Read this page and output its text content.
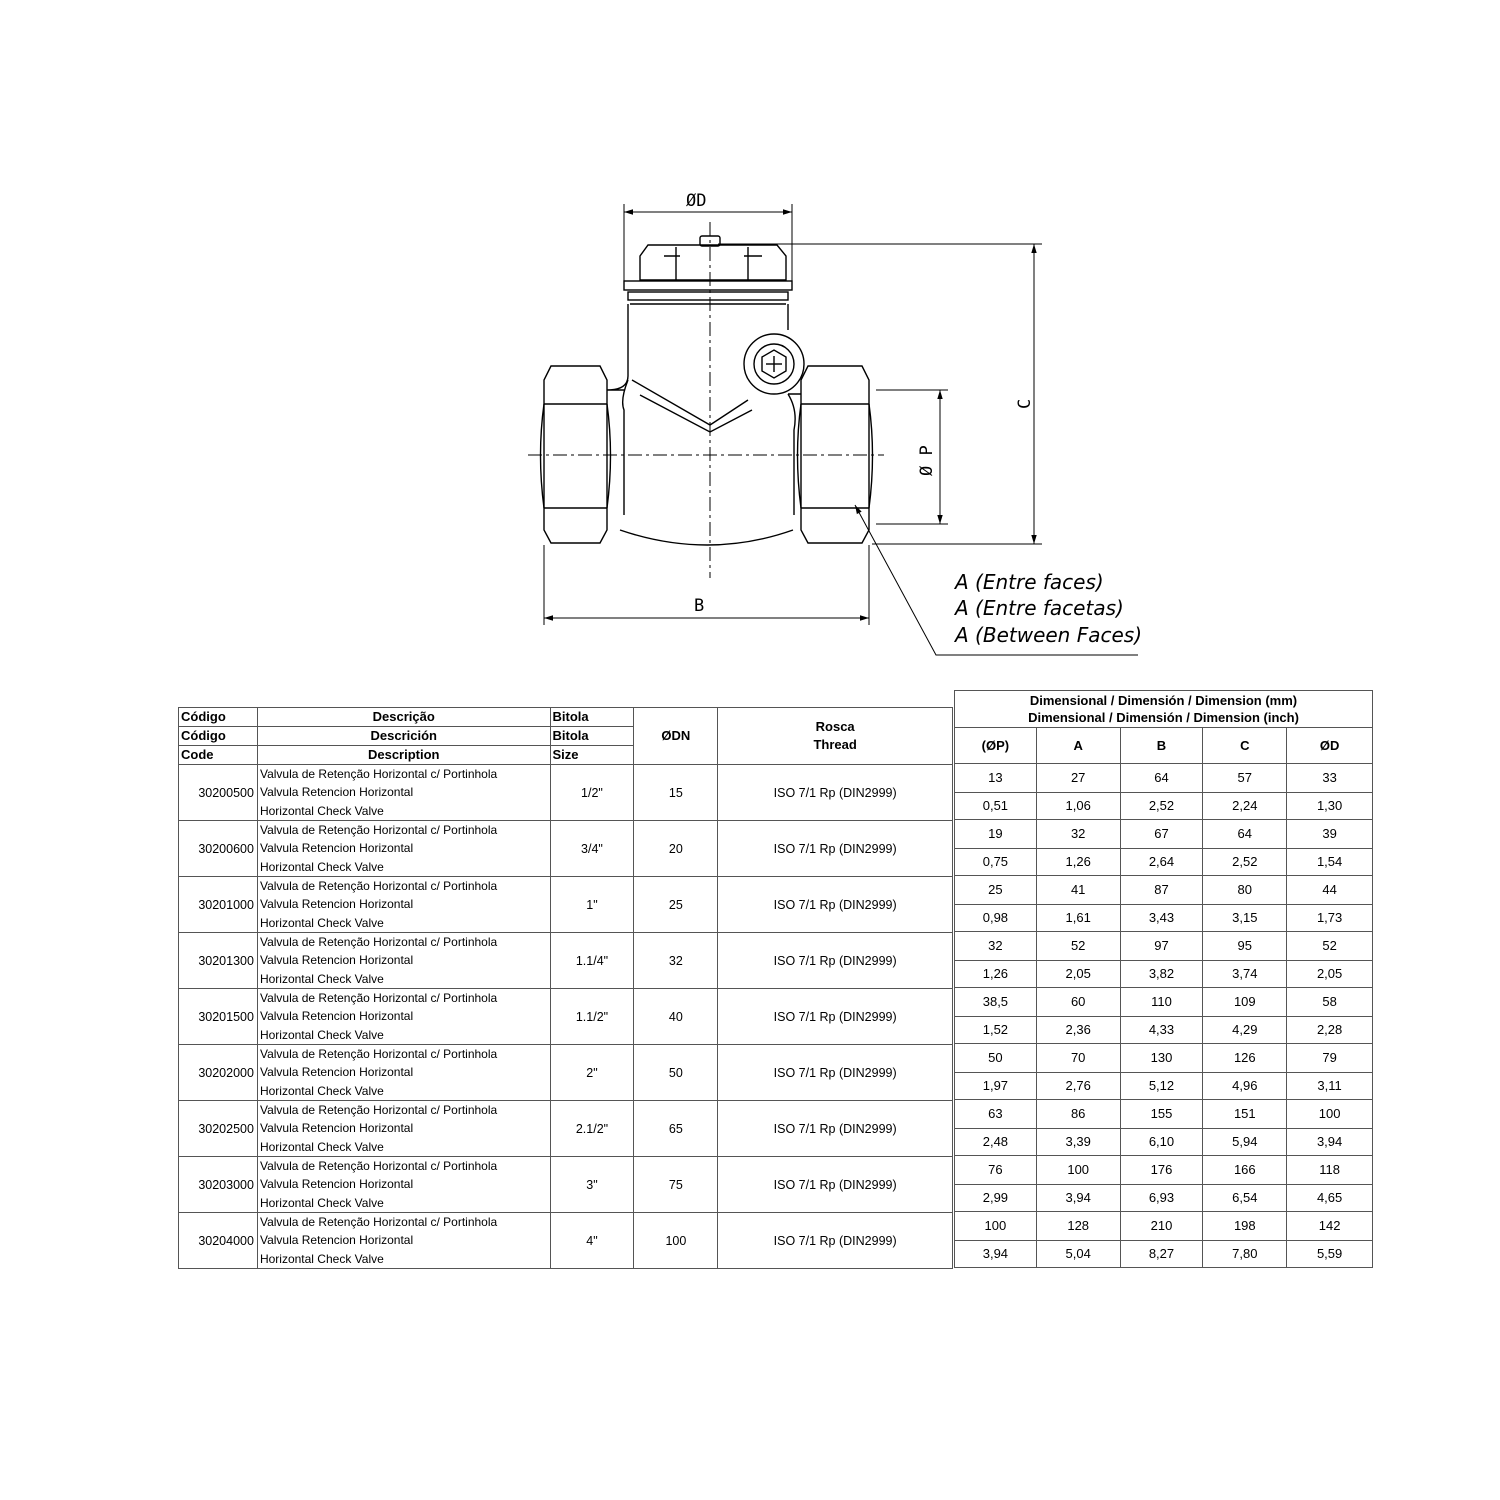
ØD
C
Ø P
B
A (Entre faces)
A (Entre facetas)
A (Between Faces)
Código	Descrição	Bitola	ØDN	Rosca
Thread

Código	Descrición	Bitola		
Code	Description	Size		
30200500	Valvula de Retenção Horizontal c/ Portinhola
Valvula Retencion Horizontal
Horizontal Check Valve	1/2"	15	ISO 7/1 Rp (DIN2999)
30200600	Valvula de Retenção Horizontal c/ Portinhola
Valvula Retencion Horizontal
Horizontal Check Valve	3/4"	20	ISO 7/1 Rp (DIN2999)
30201000	Valvula de Retenção Horizontal c/ Portinhola
Valvula Retencion Horizontal
Horizontal Check Valve	1"	25	ISO 7/1 Rp (DIN2999)
30201300	Valvula de Retenção Horizontal c/ Portinhola
Valvula Retencion Horizontal
Horizontal Check Valve	1.1/4"	32	ISO 7/1 Rp (DIN2999)
30201500	Valvula de Retenção Horizontal c/ Portinhola
Valvula Retencion Horizontal
Horizontal Check Valve	1.1/2"	40	ISO 7/1 Rp (DIN2999)
30202000	Valvula de Retenção Horizontal c/ Portinhola
Valvula Retencion Horizontal
Horizontal Check Valve	2"	50	ISO 7/1 Rp (DIN2999)
30202500	Valvula de Retenção Horizontal c/ Portinhola
Valvula Retencion Horizontal
Horizontal Check Valve	2.1/2"	65	ISO 7/1 Rp (DIN2999)
30203000	Valvula de Retenção Horizontal c/ Portinhola
Valvula Retencion Horizontal
Horizontal Check Valve	3"	75	ISO 7/1 Rp (DIN2999)
30204000	Valvula de Retenção Horizontal c/ Portinhola
Valvula Retencion Horizontal
Horizontal Check Valve	4"	100	ISO 7/1 Rp (DIN2999)
Dimensional / Dimensión / Dimension (mm)
Dimensional / Dimensión / Dimension (inch)				

(ØP)	A	B	C	ØD
13	27	64	57	33
0,51	1,06	2,52	2,24	1,30
19	32	67	64	39
0,75	1,26	2,64	2,52	1,54
25	41	87	80	44
0,98	1,61	3,43	3,15	1,73
32	52	97	95	52
1,26	2,05	3,82	3,74	2,05
38,5	60	110	109	58
1,52	2,36	4,33	4,29	2,28
50	70	130	126	79
1,97	2,76	5,12	4,96	3,11
63	86	155	151	100
2,48	3,39	6,10	5,94	3,94
76	100	176	166	118
2,99	3,94	6,93	6,54	4,65
100	128	210	198	142
3,94	5,04	8,27	7,80	5,59
